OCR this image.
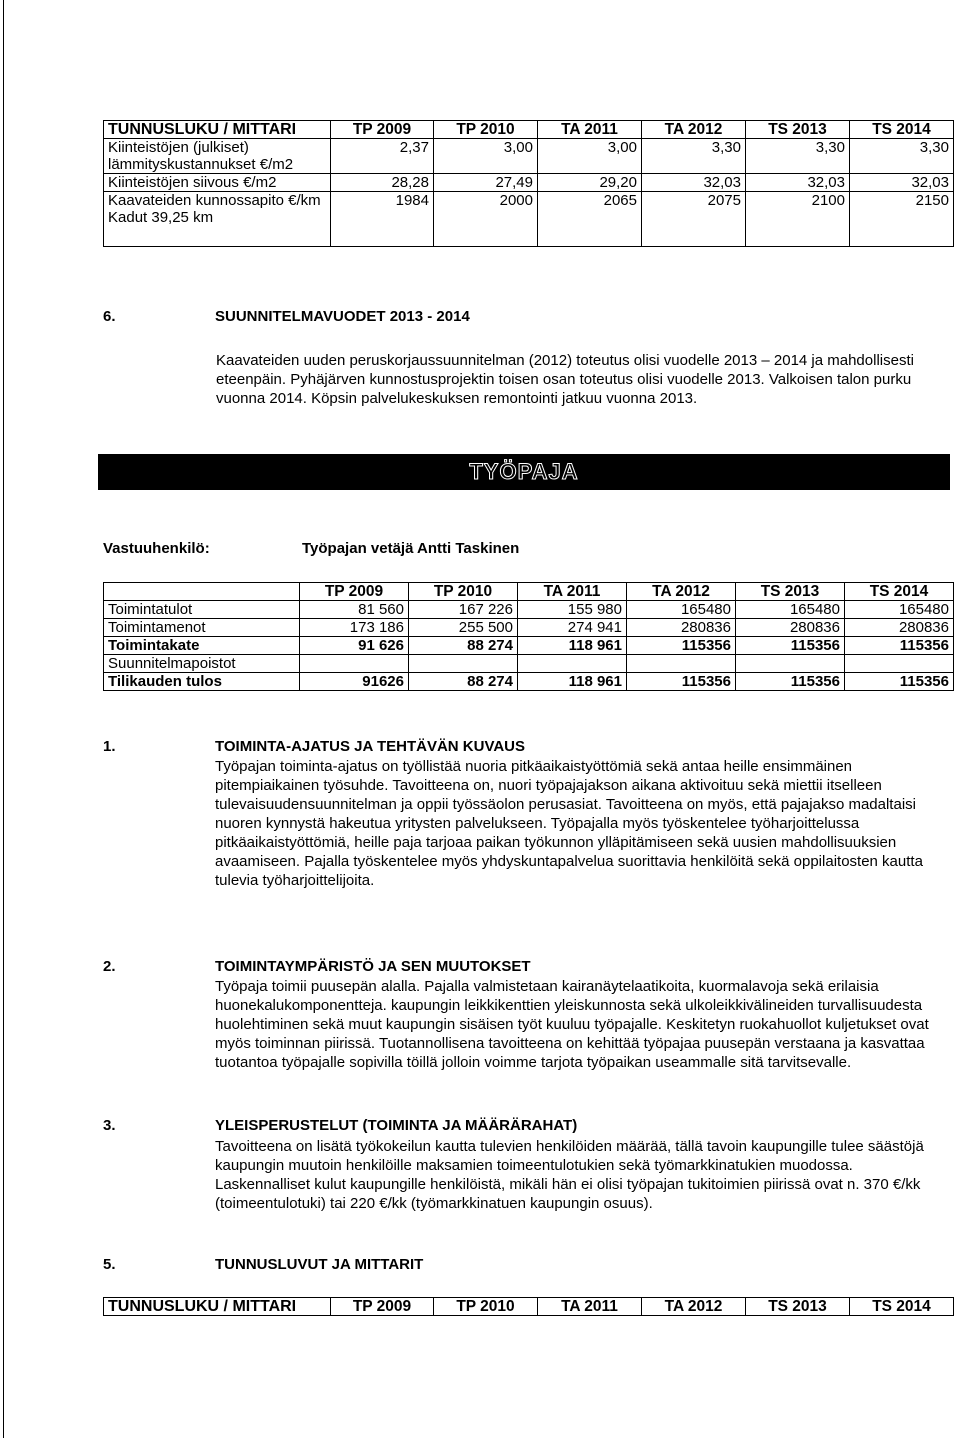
TUNNUSLUKU / MITTARI	TP 2009	TP 2010	TA 2011	TA 2012	TS 2013	TS 2014
Kiinteistöjen (julkiset) lämmityskustannukset €/m2	2,37	3,00	3,00	3,30	3,30	3,30
Kiinteistöjen siivous €/m2	28,28	27,49	29,20	32,03	32,03	32,03
Kaavateiden kunnossapito €/km Kadut 39,25 km	1984	2000	2065	2075	2100	2150
6.	SUUNNITELMAVUODET 2013 - 2014

Kaavateiden uuden peruskorjaussuunnitelman (2012) toteutus olisi vuodelle 2013 – 2014 ja mahdollisesti eteenpäin. Pyhäjärven kunnostusprojektin toisen osan toteutus olisi vuodelle 2013. Valkoisen talon purku vuonna 2014. Köpsin palvelukeskuksen remontointi jatkuu vuonna 2013.

TYÖPAJA
Vastuuhenkilö:	Työpajan vetäjä Antti Taskinen
	TP 2009	TP 2010	TA 2011	TA 2012	TS 2013	TS 2014
Toimintatulot	81 560	167 226	155 980	165480	165480	165480
Toimintamenot	173 186	255 500	274 941	280836	280836	280836
Toimintakate	91 626	88 274	118 961	115356	115356	115356
Suunnitelmapoistot						
Tilikauden tulos	91626	88 274	118 961	115356	115356	115356
1.	TOIMINTA-AJATUS JA TEHTÄVÄN KUVAUS

Työpajan toiminta-ajatus on työllistää nuoria pitkäaikaistyöttömiä sekä antaa heille ensimmäinen pitempiaikainen työsuhde. Tavoitteena on, nuori työpajajakson aikana aktivoituu sekä miettii itselleen tulevaisuudensuunnitelman ja oppii työssäolon perusasiat. Tavoitteena on myös, että pajajakso madaltaisi nuoren kynnystä hakeutua yritysten palvelukseen. Työpajalla myös työskentelee työharjoittelussa pitkäaikaistyöttömiä, heille paja tarjoaa paikan työkunnon ylläpitämiseen sekä uusien mahdollisuuksien avaamiseen. Pajalla työskentelee myös yhdyskuntapalvelua suorittavia henkilöitä sekä oppilaitosten kautta tulevia työharjoittelijoita.

2.	TOIMINTAYMPÄRISTÖ JA SEN MUUTOKSET

Työpaja toimii puusepän alalla. Pajalla valmistetaan kairanäytelaatikoita, kuormalavoja sekä erilaisia huonekalukomponentteja. kaupungin leikkikenttien yleiskunnosta sekä ulkoleikkivälineiden turvallisuudesta huolehtiminen sekä muut kaupungin sisäisen työt kuuluu työpajalle. Keskitetyn ruokahuollot kuljetukset ovat myös toiminnan piirissä. Tuotannollisena tavoitteena on kehittää työpajaa puusepän verstaana ja kasvattaa tuotantoa työpajalle sopivilla töillä jolloin voimme tarjota työpaikan useammalle sitä tarvitsevalle.

3.	YLEISPERUSTELUT (TOIMINTA JA MÄÄRÄRAHAT)

Tavoitteena on lisätä työkokeilun kautta tulevien henkilöiden määrää, tällä tavoin kaupungille tulee säästöjä kaupungin muutoin henkilöille maksamien toimeentulotukien sekä työmarkkinatukien muodossa. Laskennalliset kulut kaupungille henkilöistä, mikäli hän ei olisi työpajan tukitoimien piirissä ovat n. 370 €/kk (toimeentulotuki) tai 220 €/kk (työmarkkinatuen kaupungin osuus).

5.	TUNNUSLUVUT JA MITTARIT
TUNNUSLUKU / MITTARI	TP 2009	TP 2010	TA 2011	TA 2012	TS 2013	TS 2014
